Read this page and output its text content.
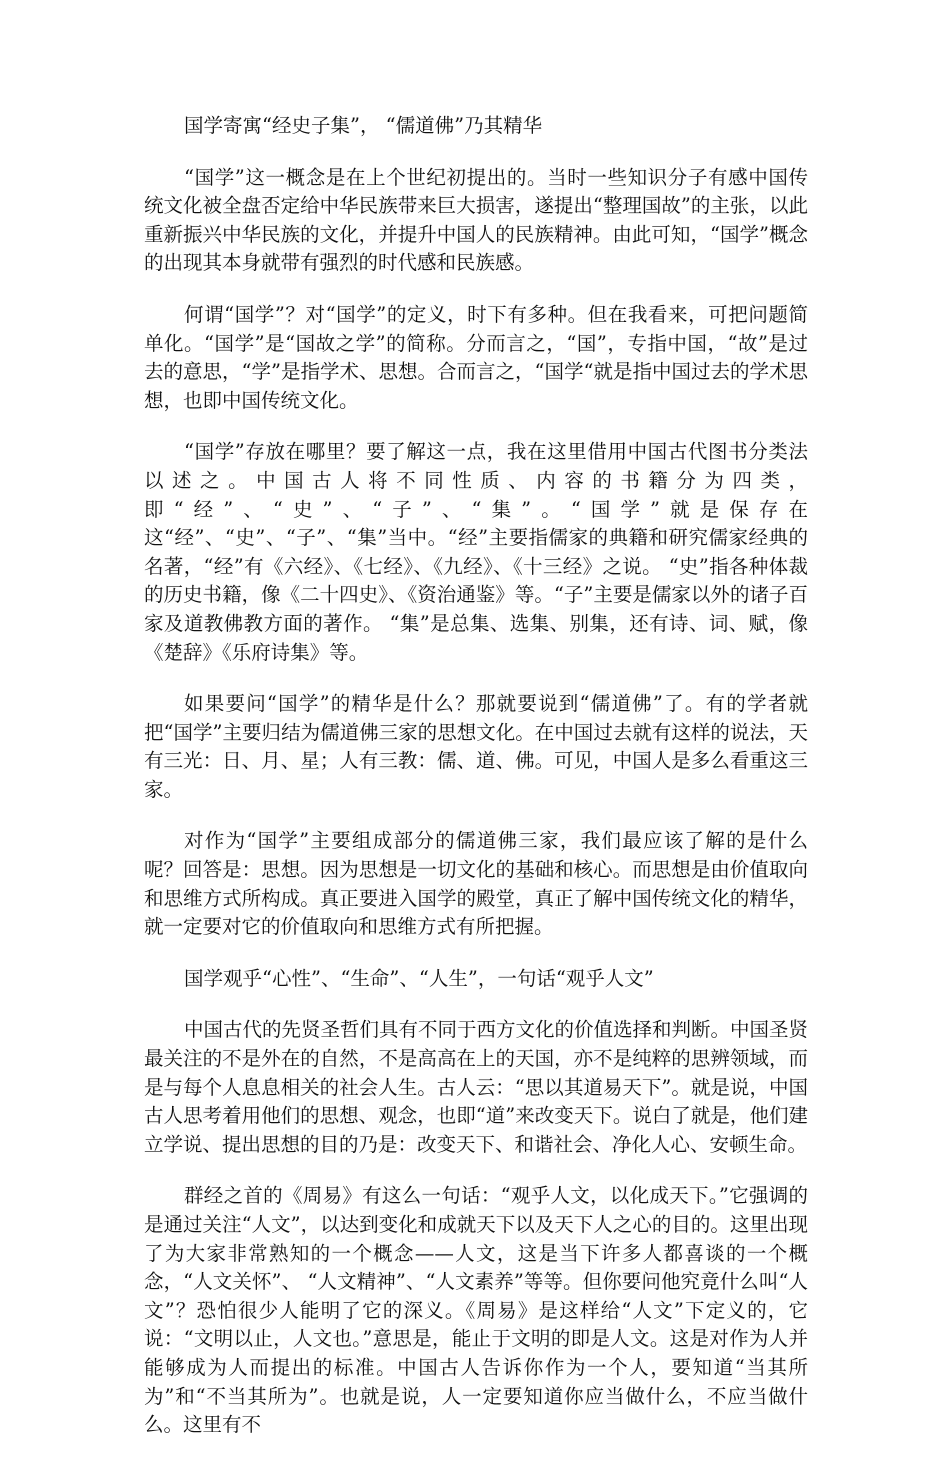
国学寄寓“经史子集”， “儒道佛”乃其精华

“国学”这一概念是在上个世纪初提出的。当时一些知识分子有感中国传统文化被全盘否定给中华民族带来巨大损害，遂提出“整理国故”的主张，以此重新振兴中华民族的文化，并提升中国人的民族精神。由此可知，“国学”概念的出现其本身就带有强烈的时代感和民族感。

何谓“国学”？对“国学”的定义，时下有多种。但在我看来，可把问题简单化。“国学”是“国故之学”的简称。分而言之，“国”，专指中国，“故”是过去的意思，“学”是指学术、思想。合而言之，“国学“就是指中国过去的学术思想，也即中国传统文化。

“国学”存放在哪里？要了解这一点，我在这里借用中国古代图书分类法以述之。中国古人将不同性质、内容的书籍分为四类，即“经”、“史”、“子”、“集”。“国学”就是保存在这“经”、“史”、“子”、“集”当中。“经”主要指儒家的典籍和研究儒家经典的名著，“经”有《六经》、《七经》、《九经》、《十三经》之说。 “史”指各种体裁的历史书籍，像《二十四史》、《资治通鉴》等。“子”主要是儒家以外的诸子百家及道教佛教方面的著作。 “集”是总集、选集、别集，还有诗、词、赋，像《楚辞》《乐府诗集》等。

如果要问“国学”的精华是什么？那就要说到“儒道佛”了。有的学者就把“国学”主要归结为儒道佛三家的思想文化。在中国过去就有这样的说法，天有三光：日、月、星；人有三教：儒、道、佛。可见，中国人是多么看重这三家。

对作为“国学”主要组成部分的儒道佛三家，我们最应该了解的是什么呢？回答是：思想。因为思想是一切文化的基础和核心。而思想是由价值取向和思维方式所构成。真正要进入国学的殿堂，真正了解中国传统文化的精华，就一定要对它的价值取向和思维方式有所把握。

国学观乎“心性”、“生命”、“人生”，一句话“观乎人文”

中国古代的先贤圣哲们具有不同于西方文化的价值选择和判断。中国圣贤最关注的不是外在的自然，不是高高在上的天国，亦不是纯粹的思辨领域，而是与每个人息息相关的社会人生。古人云：“思以其道易天下”。就是说，中国古人思考着用他们的思想、观念，也即“道”来改变天下。说白了就是，他们建立学说、提出思想的目的乃是：改变天下、和谐社会、净化人心、安顿生命。

群经之首的《周易》有这么一句话：“观乎人文，以化成天下。”它强调的是通过关注“人文”，以达到变化和成就天下以及天下人之心的目的。这里出现了为大家非常熟知的一个概念——人文，这是当下许多人都喜谈的一个概念，“人文关怀”、 “人文精神”、“人文素养”等等。但你要问他究竟什么叫“人文”？恐怕很少人能明了它的深义。《周易》是这样给“人文”下定义的，它说：“文明以止，人文也。”意思是，能止于文明的即是人文。这是对作为人并能够成为人而提出的标准。中国古人告诉你作为一个人，要知道“当其所为”和“不当其所为”。也就是说，人一定要知道你应当做什么，不应当做什么。这里有不
